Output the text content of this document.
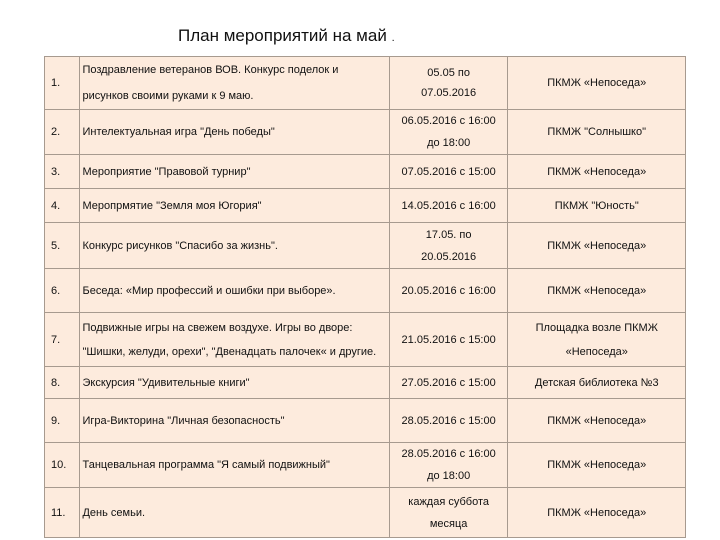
План мероприятий на май .
1.	Поздравление ветеранов ВОВ. Конкурс поделок и
рисунков своими руками к 9 маю.	05.05 по
07.05.2016	ПКМЖ «Непоседа»

2.	Интелектуальная игра "День победы"	06.05.2016 с 16:00
до 18:00	ПКМЖ "Солнышко"

3.	Мероприятие "Правовой турнир"	07.05.2016 с 15:00	ПКМЖ «Непоседа»

4.	Меропрмятие "Земля моя Югория"	14.05.2016 с 16:00	ПКМЖ "Юность"

5.	Конкурс рисунков "Спасибо за жизнь".	17.05. по
20.05.2016	ПКМЖ «Непоседа»

6.	Беседа: «Мир профессий и ошибки при выборе».	20.05.2016 с 16:00	ПКМЖ «Непоседа»

7.	Подвижные игры на свежем воздухе. Игры во дворе:
"Шишки, желуди, орехи", "Двенадцать палочек« и другие.	21.05.2016 с 15:00	Площадка возле ПКМЖ
«Непоседа»

8.	Экскурсия "Удивительные книги"	27.05.2016 с 15:00	Детская библиотека №3

9.	Игра-Викторина "Личная безопасность"	28.05.2016 с 15:00	ПКМЖ «Непоседа»

10.	Танцевальная программа "Я самый подвижный"	28.05.2016 с 16:00
до 18:00	ПКМЖ «Непоседа»

11.	День семьи.	каждая суббота
месяца	ПКМЖ «Непоседа»
